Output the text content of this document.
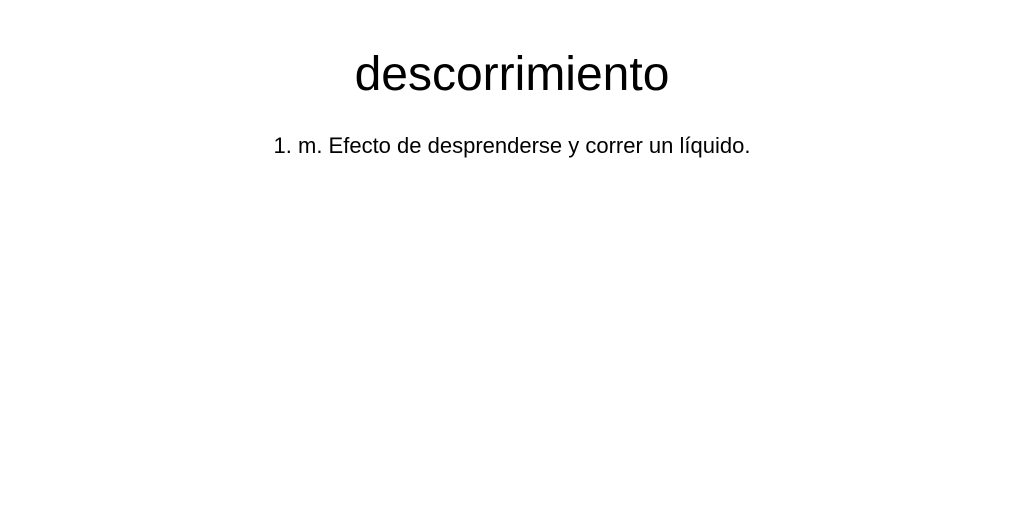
descorrimiento

1. m. Efecto de desprenderse y correr un líquido.
